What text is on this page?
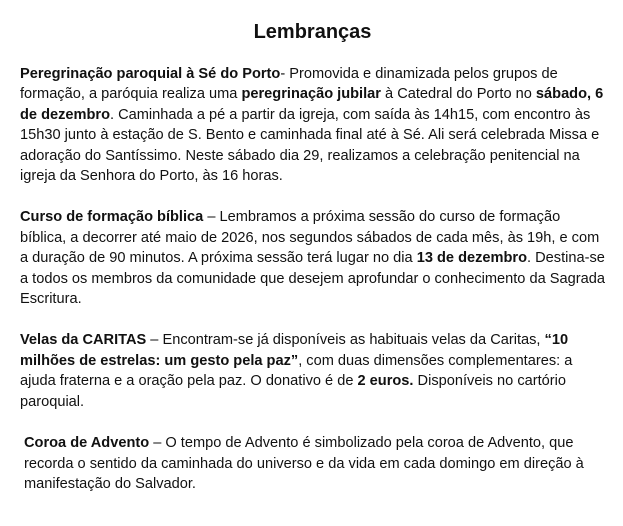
Lembranças

Peregrinação paroquial à Sé do Porto- Promovida e dinamizada pelos grupos de formação, a paróquia realiza uma peregrinação jubilar à Catedral do Porto no sábado, 6 de dezembro. Caminhada a pé a partir da igreja, com saída às 14h15, com encontro às 15h30 junto à estação de S. Bento e caminhada final até à Sé. Ali será celebrada Missa e adoração do Santíssimo. Neste sábado dia 29, realizamos a celebração penitencial na igreja da Senhora do Porto, às 16 horas.

Curso de formação bíblica – Lembramos a próxima sessão do curso de formação bíblica, a decorrer até maio de 2026, nos segundos sábados de cada mês, às 19h, e com a duração de 90 minutos. A próxima sessão terá lugar no dia 13 de dezembro. Destina-se a todos os membros da comunidade que desejem aprofundar o conhecimento da Sagrada Escritura.

Velas da CARITAS – Encontram-se já disponíveis as habituais velas da Caritas, “10 milhões de estrelas: um gesto pela paz”, com duas dimensões complementares: a ajuda fraterna e a oração pela paz. O donativo é de 2 euros. Disponíveis no cartório paroquial.

Coroa de Advento – O tempo de Advento é simbolizado pela coroa de Advento, que recorda o sentido da caminhada do universo e da vida em cada domingo em direção à manifestação do Salvador.
